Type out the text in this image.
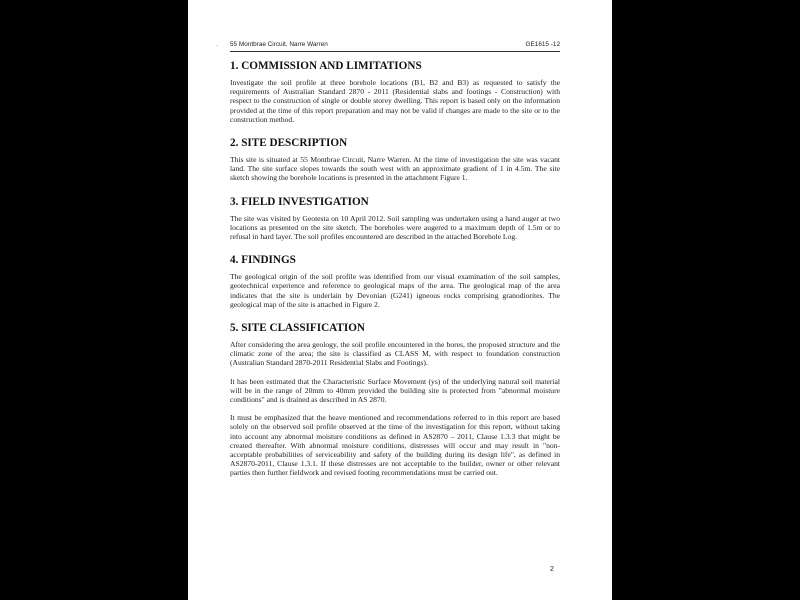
· 55 Montbrae Circuit, Narre Warren	GE1615 -12
1. COMMISSION AND LIMITATIONS

Investigate the soil profile at three borehole locations (B1, B2 and B3) as requested to satisfy the requirements of Australian Standard 2870 - 2011 (Residential slabs and footings - Construction) with respect to the construction of single or double storey dwelling. This report is based only on the information provided at the time of this report preparation and may not be valid if changes are made to the site or to the construction method.

2. SITE DESCRIPTION

This site is situated at 55 Montbrae Circuit, Narre Warren. At the time of investigation the site was vacant land. The site surface slopes towards the south west with an approximate gradient of 1 in 4.5m. The site sketch showing the borehole locations is presented in the attachment Figure 1.

3. FIELD INVESTIGATION

The site was visited by Geotesta on 10 April 2012. Soil sampling was undertaken using a hand auger at two locations as presented on the site sketch. The boreholes were augered to a maximum depth of 1.5m or to refusal in hard layer. The soil profiles encountered are described in the attached Borehole Log.

4. FINDINGS

The geological origin of the soil profile was identified from our visual examination of the soil samples, geotechnical experience and reference to geological maps of the area. The geological map of the area indicates that the site is underlain by Devonian (G241) igneous rocks comprising granodiorites. The geological map of the site is attached in Figure 2.

5. SITE CLASSIFICATION

After considering the area geology, the soil profile encountered in the bores, the proposed structure and the climatic zone of the area; the site is classified as CLASS M, with respect to foundation construction (Australian Standard 2870-2011 Residential Slabs and Footings).

It has been estimated that the Characteristic Surface Movement (ys) of the underlying natural soil material will be in the range of 20mm to 40mm provided the building site is protected from "abnormal moisture conditions" and is drained as described in AS 2870.

It must be emphasized that the heave mentioned and recommendations referred to in this report are based solely on the observed soil profile observed at the time of the investigation for this report, without taking into account any abnormal moisture conditions as defined in AS2870 – 2011, Clause 1.3.3 that might be created thereafter. With abnormal moisture conditions, distresses will occur and may result in "non-acceptable probabilities of serviceability and safety of the building during its design life", as defined in AS2870-2011, Clause 1.3.1. If these distresses are not acceptable to the builder, owner or other relevant parties then further fieldwork and revised footing recommendations must be carried out.

2
